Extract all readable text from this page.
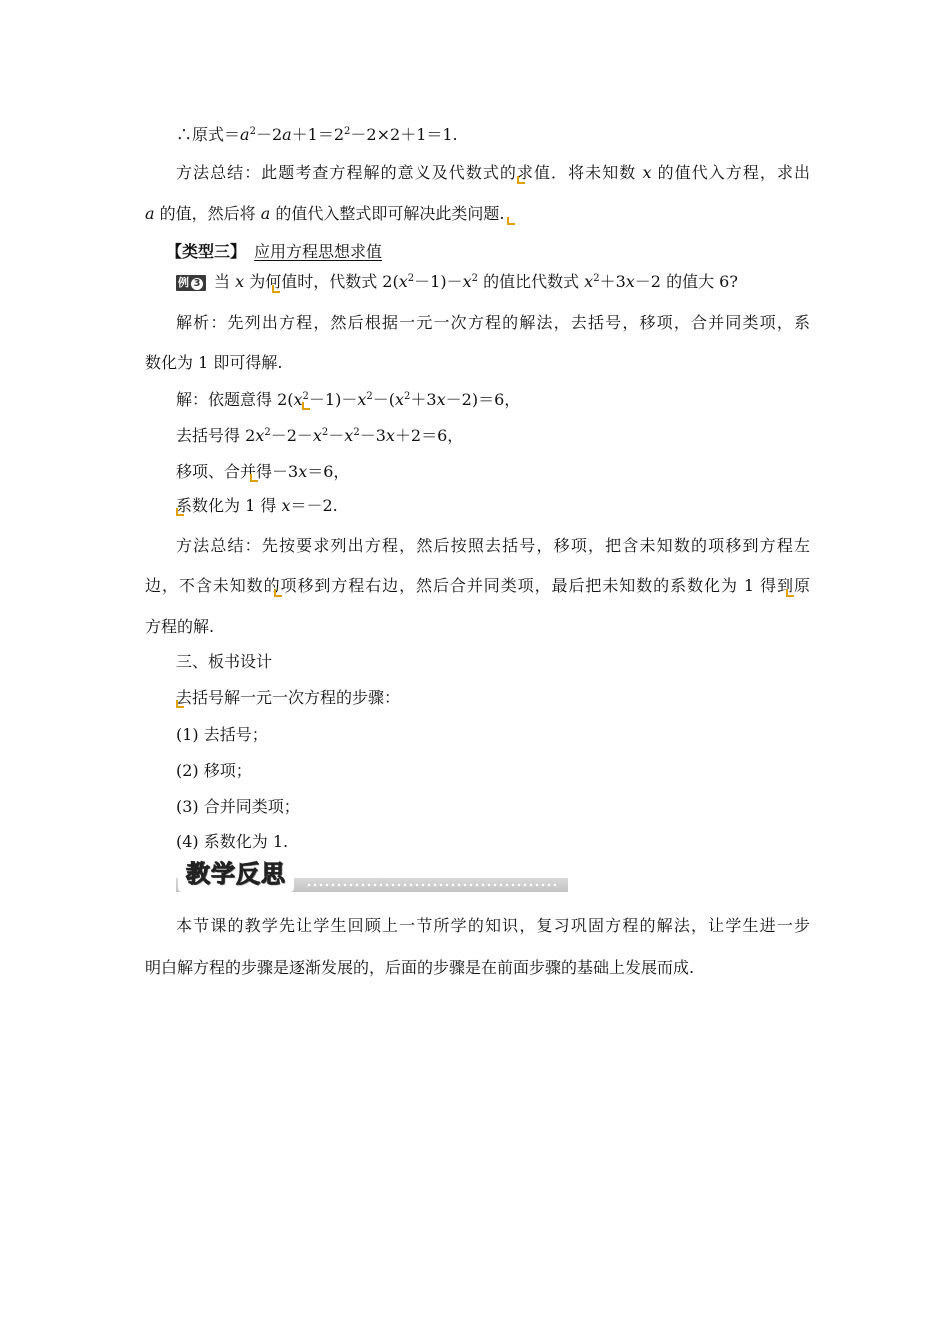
∴原式$=a^2-2a+1=2^2-2\times 2+1=1$.
方法总结：此题考查方程解的意义及代数式的求值．将未知数 x 的值代入方程，求出
a 的值，然后将 a 的值代入整式即可解决此类问题.
【类型三】 应用方程思想求值
例 3 当 x 为何值时，代数式 $2(x^2-1)-x^2$ 的值比代数式 $x^2+3x-2$ 的值大 6?
解析：先列出方程，然后根据一元一次方程的解法，去括号，移项，合并同类项，系
数化为 1 即可得解.
解：依题意得 $2(x^2-1)-x^2-(x^2+3x-2)=6$，
去括号得 $2x^2-2-x^2-x^2-3x+2=6$，
移项、合并得－3x＝6，
系数化为 1 得 x＝－2.
方法总结：先按要求列出方程，然后按照去括号，移项，把含未知数的项移到方程左
边，不含未知数的项移到方程右边，然后合并同类项，最后把未知数的系数化为 1 得到原
方程的解.
三、板书设计
去括号解一元一次方程的步骤：
(1) 去括号；
(2) 移项；
(3) 合并同类项；
(4) 系数化为 1.
教学反思
本节课的教学先让学生回顾上一节所学的知识，复习巩固方程的解法，让学生进一步
明白解方程的步骤是逐渐发展的，后面的步骤是在前面步骤的基础上发展而成.
